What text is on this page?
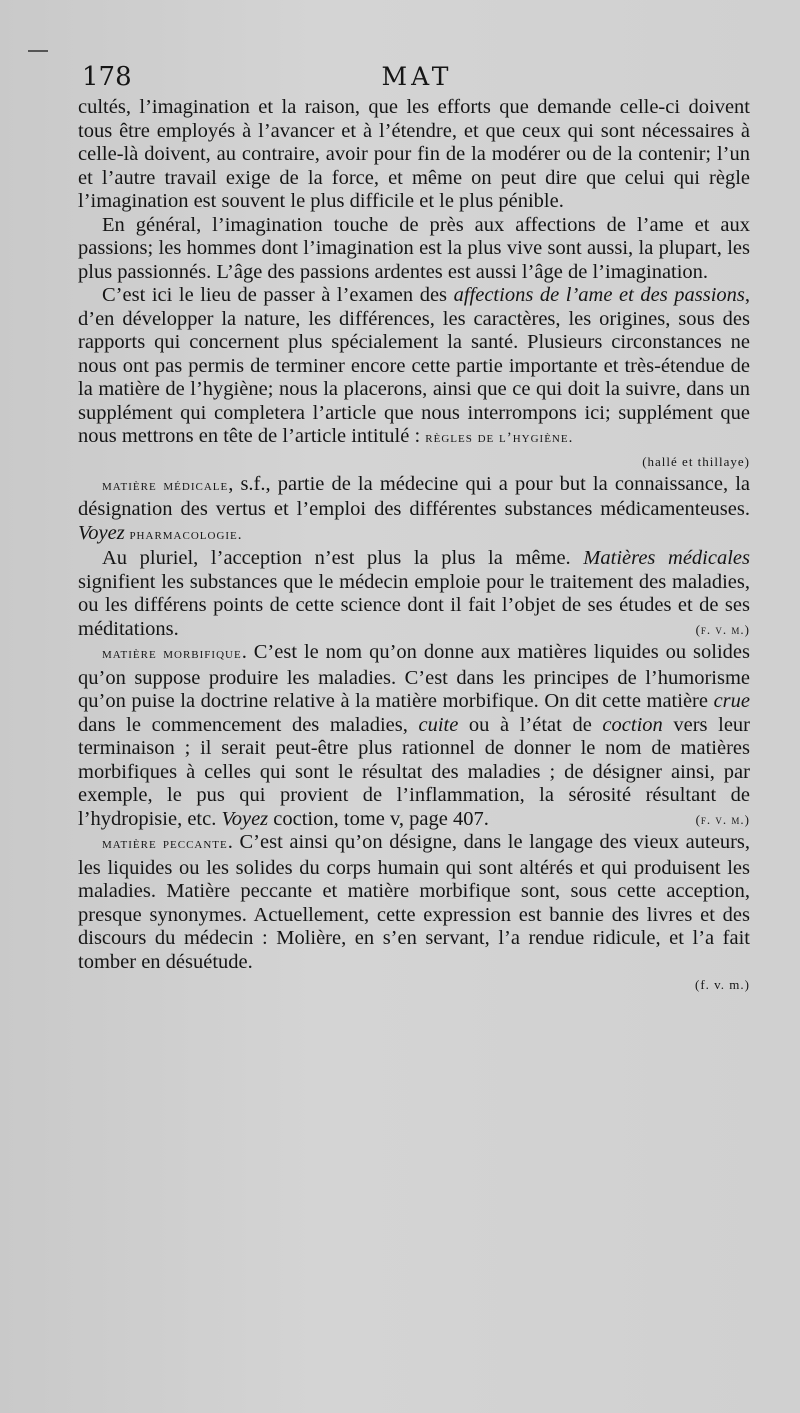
178	MAT

cultés, l’imagination et la raison, que les efforts que demande celle-ci doivent tous être employés à l’avancer et à l’étendre, et que ceux qui sont nécessaires à celle-là doivent, au contraire, avoir pour fin de la modérer ou de la contenir; l’un et l’autre travail exige de la force, et même on peut dire que celui qui règle l’imagination est souvent le plus difficile et le plus pénible.

En général, l’imagination touche de près aux affections de l’ame et aux passions; les hommes dont l’imagination est la plus vive sont aussi, la plupart, les plus passionnés. L’âge des passions ardentes est aussi l’âge de l’imagination.

C’est ici le lieu de passer à l’examen des affections de l’ame et des passions, d’en développer la nature, les différences, les caractères, les origines, sous des rapports qui concernent plus spécialement la santé. Plusieurs circonstances ne nous ont pas permis de terminer encore cette partie importante et très-étendue de la matière de l’hygiène; nous la placerons, ainsi que ce qui doit la suivre, dans un supplément qui completera l’article que nous interrompons ici; supplément que nous mettrons en tête de l’article intitulé : règles de l’hygiène.

(hallé et thillaye)

matière médicale, s.f., partie de la médecine qui a pour but la connaissance, la désignation des vertus et l’emploi des différentes substances médicamenteuses. Voyez pharmacologie.

Au pluriel, l’acception n’est plus la plus la même. Matières médicales signifient les substances que le médecin emploie pour le traitement des maladies, ou les différens points de cette science dont il fait l’objet de ses études et de ses méditations.	(f. v. m.)

matière morbifique. C’est le nom qu’on donne aux matières liquides ou solides qu’on suppose produire les maladies. C’est dans les principes de l’humorisme qu’on puise la doctrine relative à la matière morbifique. On dit cette matière crue dans le commencement des maladies, cuite ou à l’état de coction vers leur terminaison ; il serait peut-être plus rationnel de donner le nom de matières morbifiques à celles qui sont le résultat des maladies ; de désigner ainsi, par exemple, le pus qui provient de l’inflammation, la sérosité résultant de l’hydropisie, etc. Voyez coction, tome v, page 407.	(f. v. m.)

matière peccante. C’est ainsi qu’on désigne, dans le langage des vieux auteurs, les liquides ou les solides du corps humain qui sont altérés et qui produisent les maladies. Matière peccante et matière morbifique sont, sous cette acception, presque synonymes. Actuellement, cette expression est bannie des livres et des discours du médecin : Molière, en s’en servant, l’a rendue ridicule, et l’a fait tomber en désuétude.

(f. v. m.)
